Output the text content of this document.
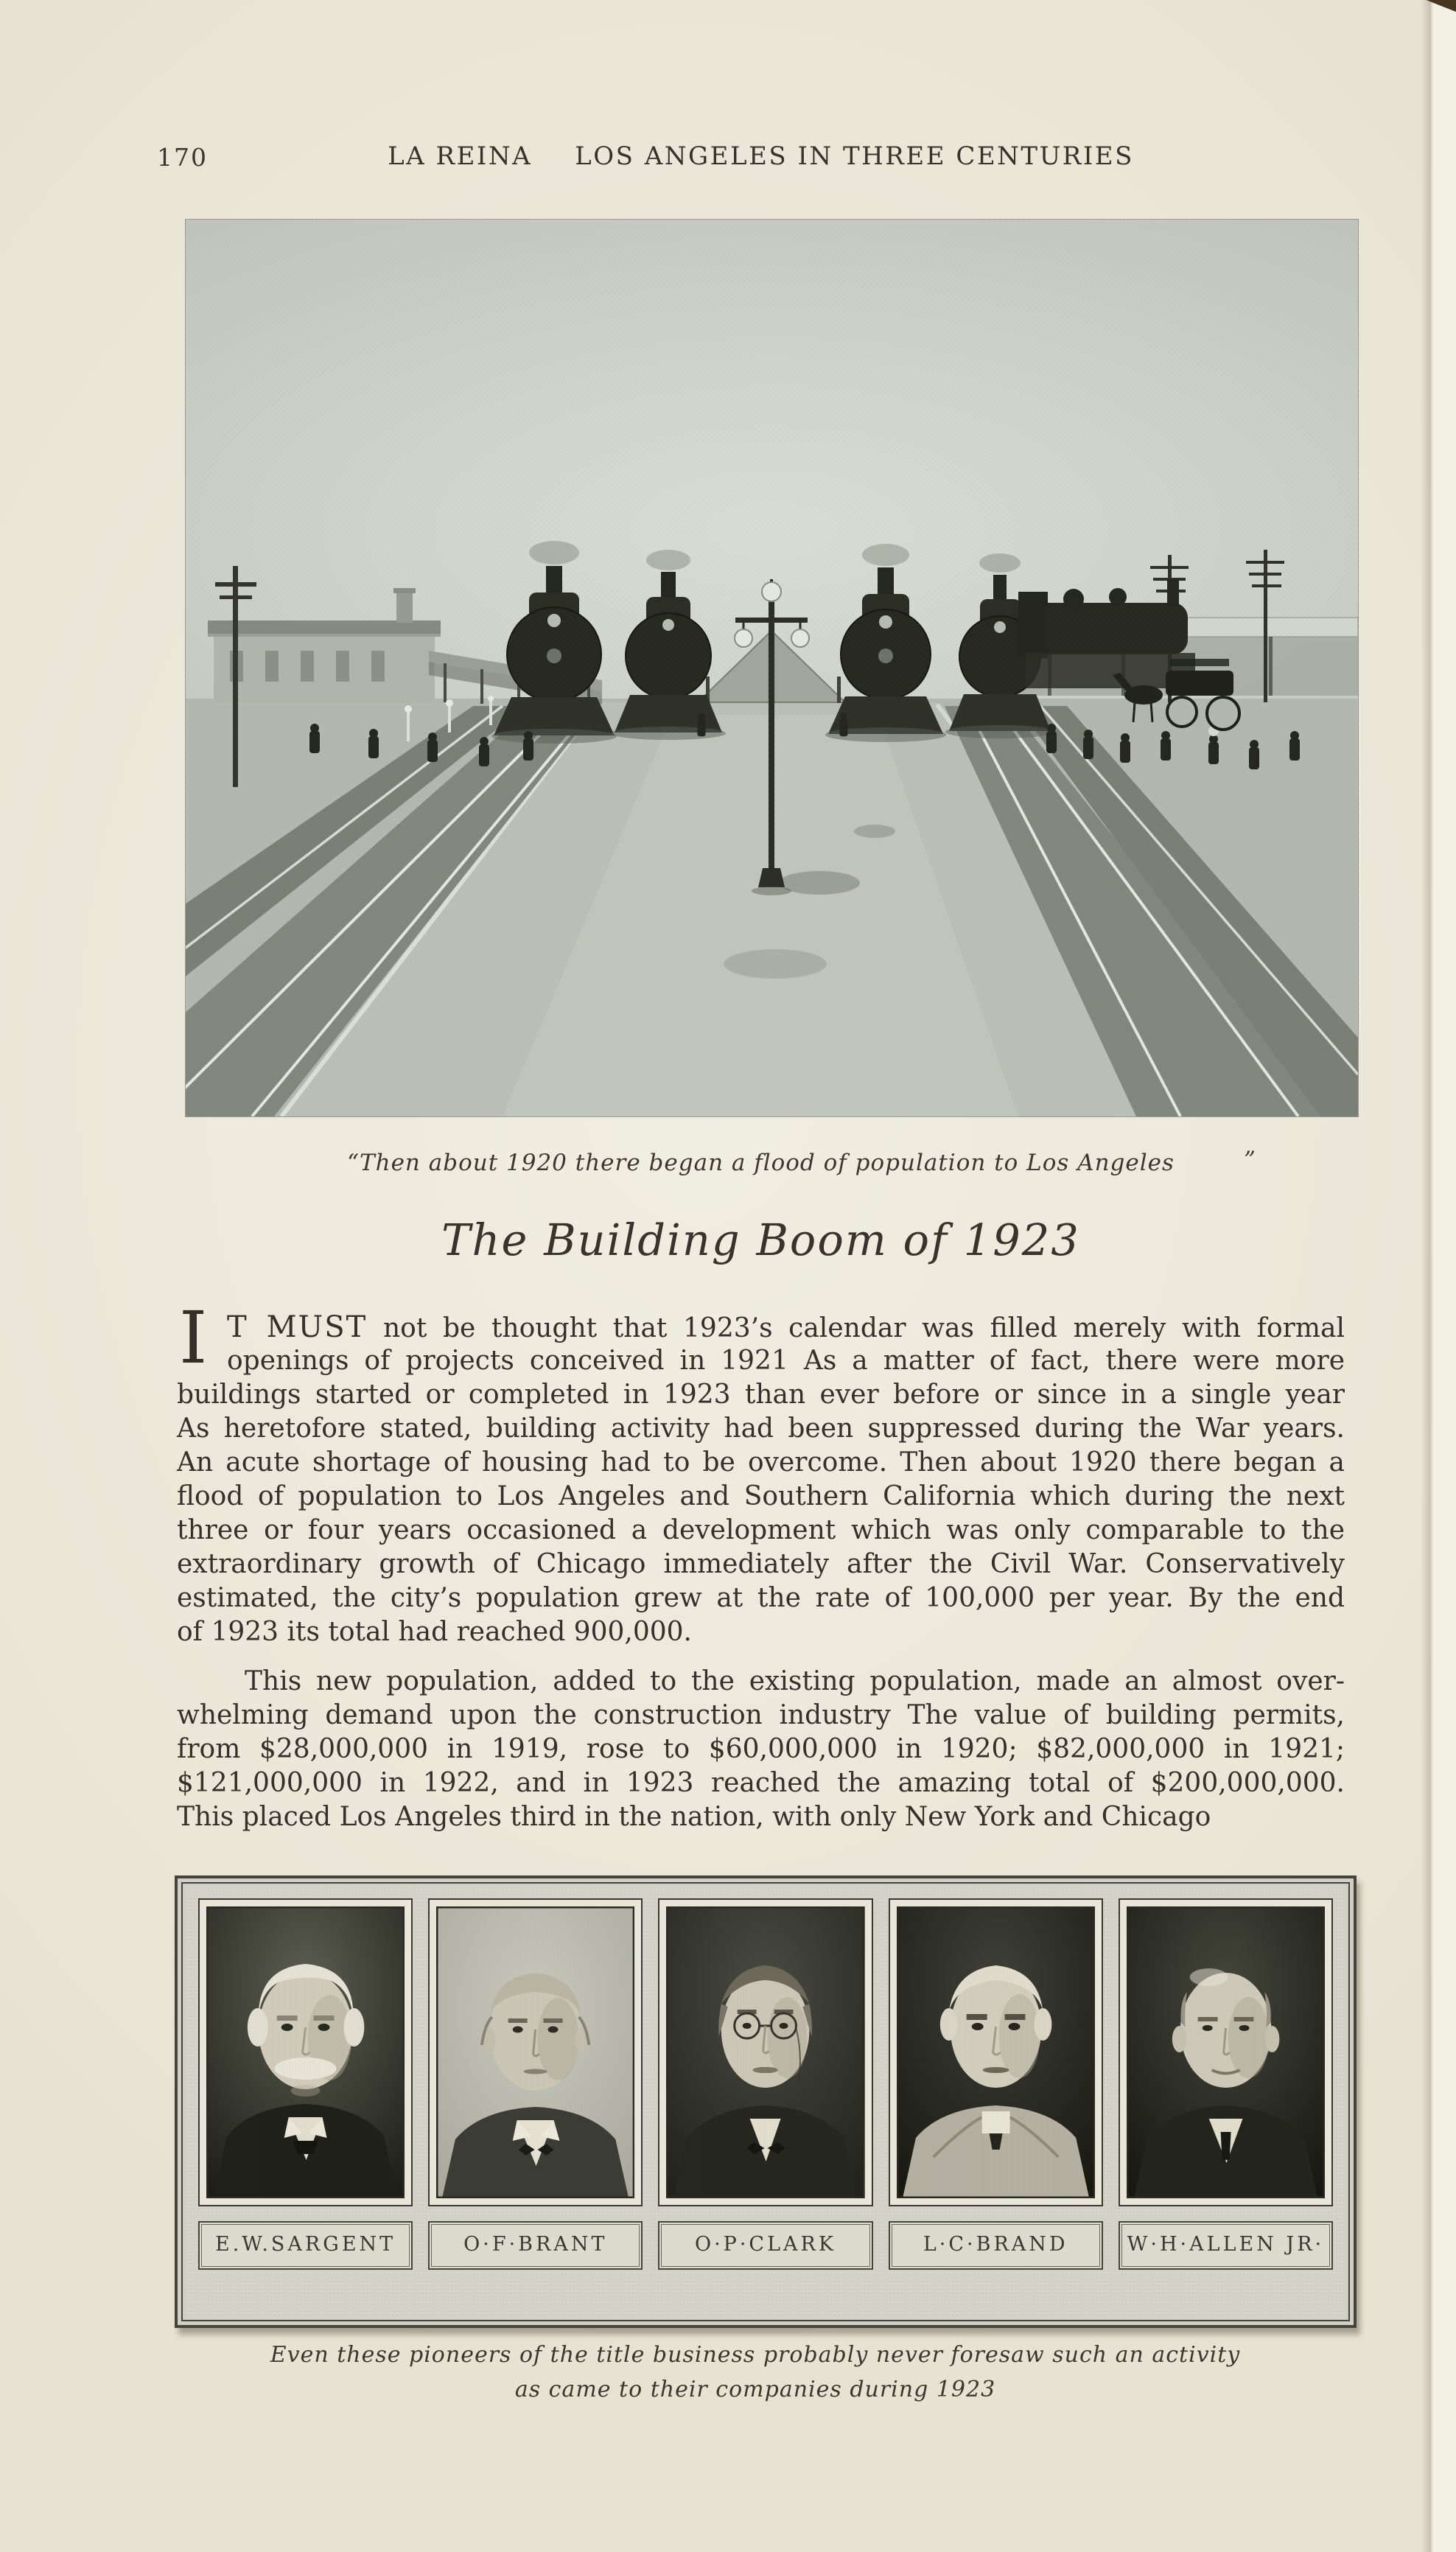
170	LA REINA LOS ANGELES IN THREE CENTURIES
“Then about 1920 there began a flood of population to Los Angeles	”
The Building Boom of 1923
I T MUST not be thought that 1923’s calendar was filled merely with formal
openings of projects conceived in 1921 As a matter of fact, there were more
buildings started or completed in 1923 than ever before or since in a single year
As heretofore stated, building activity had been suppressed during the War years.
An acute shortage of housing had to be overcome. Then about 1920 there began a
flood of population to Los Angeles and Southern California which during the next
three or four years occasioned a development which was only comparable to the
extraordinary growth of Chicago immediately after the Civil War. Conservatively
estimated, the city’s population grew at the rate of 100,000 per year. By the end
of 1923 its total had reached 900,000.
This new population, added to the existing population, made an almost over-
whelming demand upon the construction industry The value of building permits,
from $28,000,000 in 1919, rose to $60,000,000 in 1920; $82,000,000 in 1921;
$121,000,000 in 1922, and in 1923 reached the amazing total of $200,000,000.
This placed Los Angeles third in the nation, with only New York and Chicago
E.W.SARGENT	O·F·BRANT	O·P·CLARK	L·C·BRAND	W·H·ALLEN JR·
Even these pioneers of the title business probably never foresaw such an activity
as came to their companies during 1923
